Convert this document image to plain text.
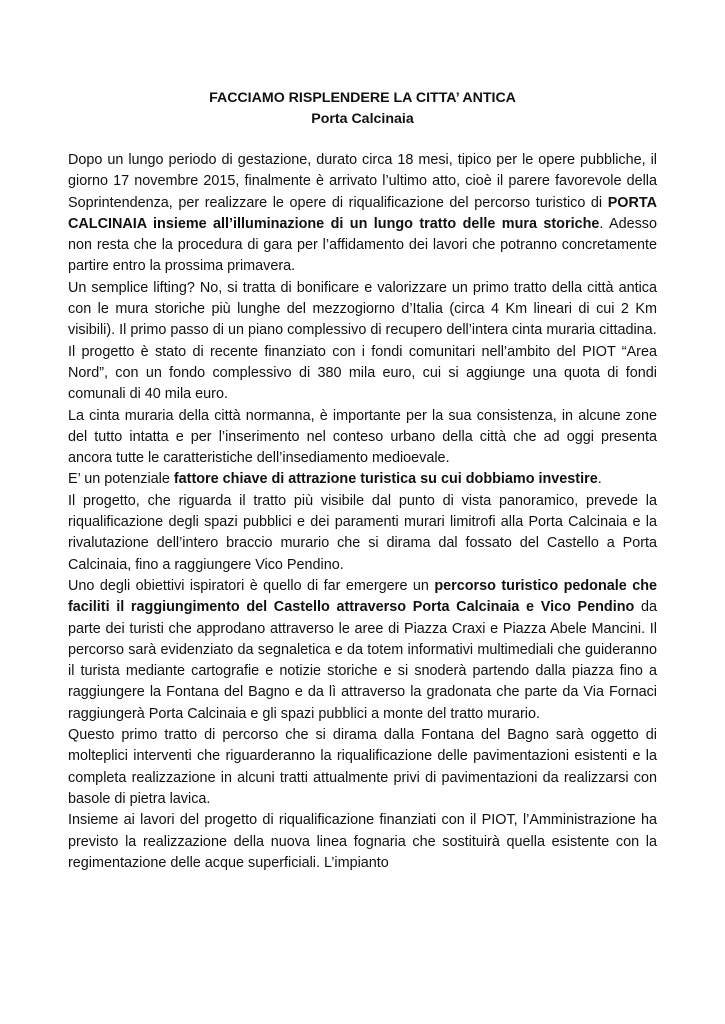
FACCIAMO RISPLENDERE LA CITTA’ ANTICA
Porta Calcinaia

Dopo un lungo periodo di gestazione, durato circa 18 mesi, tipico per le opere pubbliche, il giorno 17 novembre 2015, finalmente è arrivato l’ultimo atto, cioè il parere favorevole della Soprintendenza, per realizzare le opere di riqualificazione del percorso turistico di PORTA CALCINAIA insieme all’illuminazione di un lungo tratto delle mura storiche. Adesso non resta che la procedura di gara per l’affidamento dei lavori che potranno concretamente partire entro la prossima primavera.

Un semplice lifting? No, si tratta di bonificare e valorizzare un primo tratto della città antica con le mura storiche più lunghe del mezzogiorno d’Italia (circa 4 Km lineari di cui 2 Km visibili). Il primo passo di un piano complessivo di recupero dell’intera cinta muraria cittadina.

Il progetto è stato di recente finanziato con i fondi comunitari nell’ambito del PIOT “Area Nord”, con un fondo complessivo di 380 mila euro, cui si aggiunge una quota di fondi comunali di 40 mila euro.

La cinta muraria della città normanna, è importante per la sua consistenza, in alcune zone del tutto intatta e per l’inserimento nel conteso urbano della città che ad oggi presenta ancora tutte le caratteristiche dell’insediamento medioevale.

E’ un potenziale fattore chiave di attrazione turistica su cui dobbiamo investire.

Il progetto, che riguarda il tratto più visibile dal punto di vista panoramico, prevede la riqualificazione degli spazi pubblici e dei paramenti murari limitrofi alla Porta Calcinaia e la rivalutazione dell’intero braccio murario che si dirama dal fossato del Castello a Porta Calcinaia, fino a raggiungere Vico Pendino.

Uno degli obiettivi ispiratori è quello di far emergere un percorso turistico pedonale che faciliti il raggiungimento del Castello attraverso Porta Calcinaia e Vico Pendino da parte dei turisti che approdano attraverso le aree di Piazza Craxi e Piazza Abele Mancini. Il percorso sarà evidenziato da segnaletica e da totem informativi multimediali che guideranno il turista mediante cartografie e notizie storiche e si snoderà partendo dalla piazza fino a raggiungere la Fontana del Bagno e da lì attraverso la gradonata che parte da Via Fornaci raggiungerà Porta Calcinaia e gli spazi pubblici a monte del tratto murario.

Questo primo tratto di percorso che si dirama dalla Fontana del Bagno sarà oggetto di molteplici interventi che riguarderanno la riqualificazione delle pavimentazioni esistenti e la completa realizzazione in alcuni tratti attualmente privi di pavimentazioni da realizzarsi con basole di pietra lavica.

Insieme ai lavori del progetto di riqualificazione finanziati con il PIOT, l’Amministrazione ha previsto la realizzazione della nuova linea fognaria che sostituirà quella esistente con la regimentazione delle acque superficiali. L’impianto
